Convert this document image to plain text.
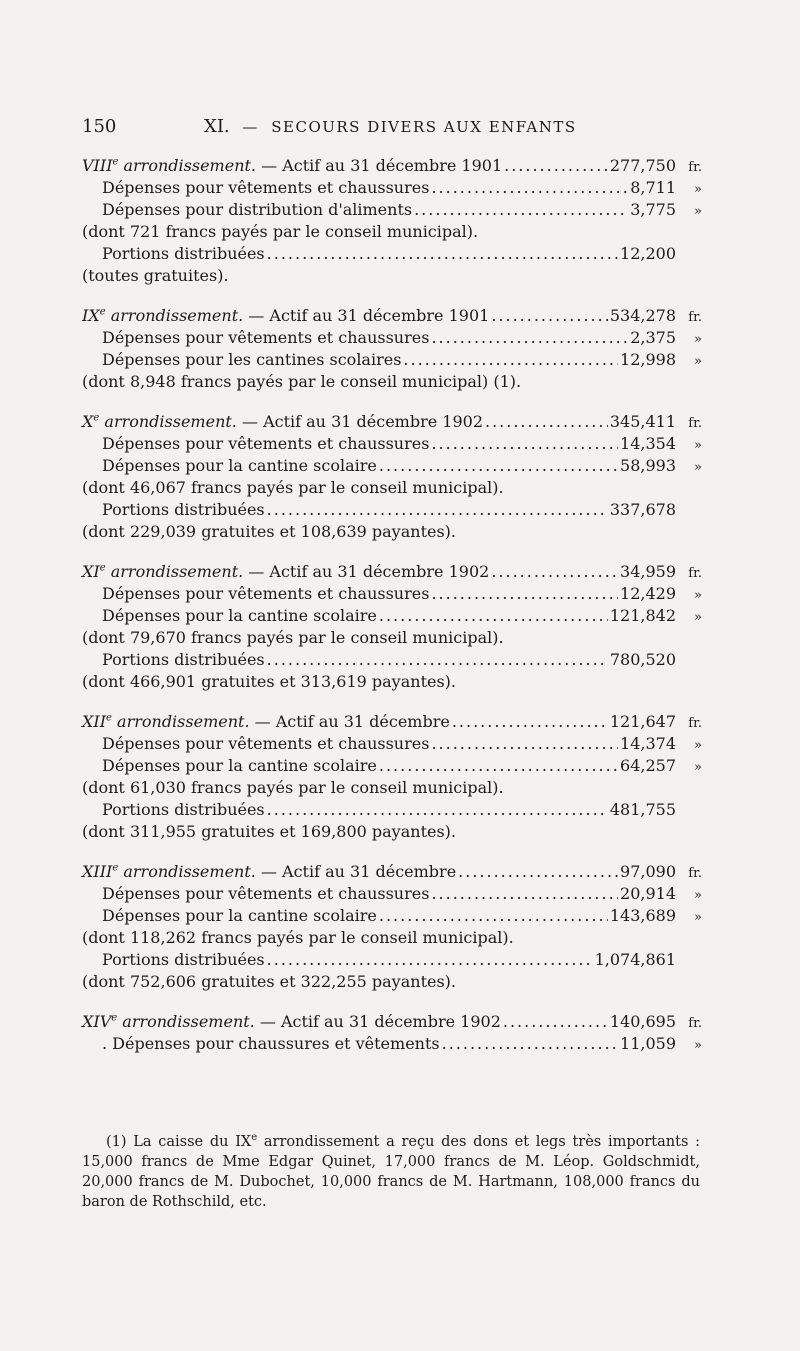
150	XI. — SECOURS DIVERS AUX ENFANTS
VIIIe arrondissement. — Actif au 31 décembre 1901 .....	277,750 fr.
Dépenses pour vêtements et chaussures .....	8,711	»
Dépenses pour distribution d'aliments .....	3,775	»
(dont 721 francs payés par le conseil municipal).
Portions distribuées .....	12,200
(toutes gratuites).
IXe arrondissement. — Actif au 31 décembre 1901 .....	534,278 fr.
Dépenses pour vêtements et chaussures .....	2,375	»
Dépenses pour les cantines scolaires .....	12,998	»
(dont 8,948 francs payés par le conseil municipal) (1).
Xe arrondissement. — Actif au 31 décembre 1902 .....	345,411 fr.
Dépenses pour vêtements et chaussures .....	14,354	»
Dépenses pour la cantine scolaire .....	58,993	»
(dont 46,067 francs payés par le conseil municipal).
Portions distribuées .....	337,678
(dont 229,039 gratuites et 108,639 payantes).
XIe arrondissement. — Actif au 31 décembre 1902 .....	34,959 fr.
Dépenses pour vêtements et chaussures .....	12,429	»
Dépenses pour la cantine scolaire .....	121,842	»
(dont 79,670 francs payés par le conseil municipal).
Portions distribuées .....	780,520
(dont 466,901 gratuites et 313,619 payantes).
XIIe arrondissement. — Actif au 31 décembre .....	121,647 fr.
Dépenses pour vêtements et chaussures .....	14,374	»
Dépenses pour la cantine scolaire .....	64,257	»
(dont 61,030 francs payés par le conseil municipal).
Portions distribuées .....	481,755
(dont 311,955 gratuites et 169,800 payantes).
XIIIe arrondissement. — Actif au 31 décembre .....	97,090 fr.
Dépenses pour vêtements et chaussures .....	20,914	»
Dépenses pour la cantine scolaire .....	143,689	»
(dont 118,262 francs payés par le conseil municipal).
Portions distribuées .....	1,074,861
(dont 752,606 gratuites et 322,255 payantes).
XIVe arrondissement. — Actif au 31 décembre 1902 .....	140,695 fr.
. Dépenses pour chaussures et vêtements .....	11,059	»
(1) La caisse du IXe arrondissement a reçu des dons et legs très importants : 15,000 francs de Mme Edgar Quinet, 17,000 francs de M. Léop. Goldschmidt, 20,000 francs de M. Dubochet, 10,000 francs de M. Hartmann, 108,000 francs du baron de Rothschild, etc.
